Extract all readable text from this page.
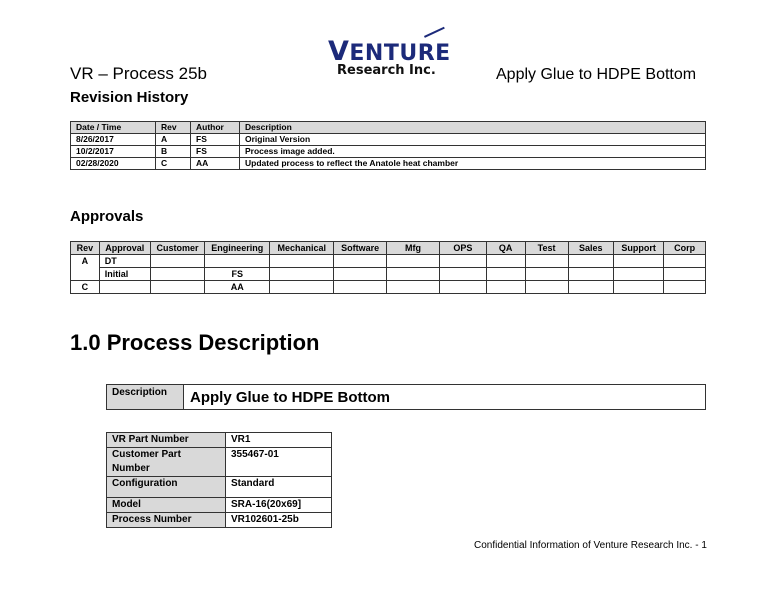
VR – Process 25b
VENTURE
Research Inc.	Apply Glue to HDPE Bottom
Revision History
Date / Time	Rev	Author	Description
8/26/2017	A	FS	Original Version
10/2/2017	B	FS	Process image added.
02/28/2020	C	AA	Updated process to reflect the Anatole heat chamber
Approvals
Rev	Approval	Customer	Engineering	Mechanical	Software	Mfg	OPS	QA	Test	Sales	Support	Corp
A	DT											
	Initial		FS									
C			AA									
1.0 Process Description
Description	Apply Glue to HDPE Bottom
VR Part Number	VR1
Customer Part Number	355467-01
Configuration	Standard
Model	SRA-16(20x69]
Process Number	VR102601-25b
Confidential Information of Venture Research Inc. - 1
